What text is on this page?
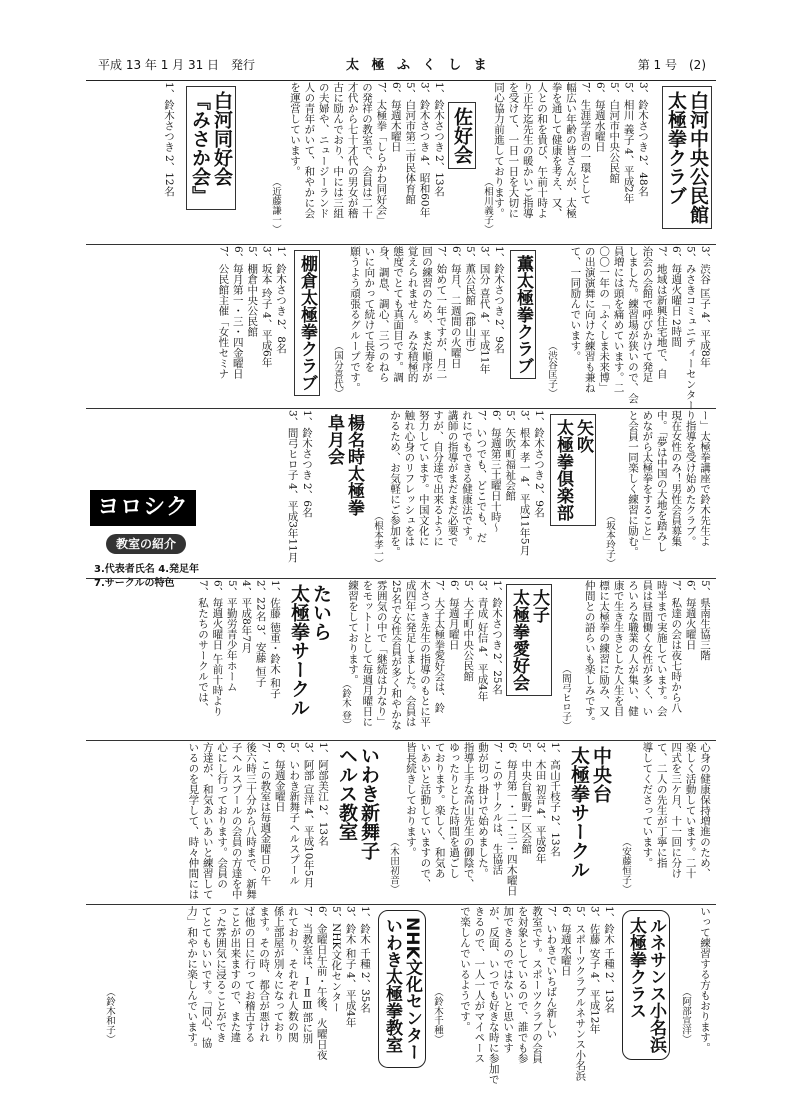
平成 13 年 1 月 31 日　発行	太 極 ふ く し ま	第 1 号　(2)
白河中央公民館
太極拳クラブ
3、鈴木さつき 2、48名
5、相川 義子 4、平成2年
5、白河市中央公民館
6、毎週水曜日
7、生涯学習の一環として
幅広い年齢の皆さんが、太極
拳を通して健康を考え、又、
人との和を貴び、午前十時よ
り正午迄先生の暖かいご指導
を受けて、一日一日を大切に
同心協力前進しております。
（相川義子）
佐好会
1、鈴木さつき 2、13名
3、鈴木さつき 4、昭和60年
5、白河市第二市民体育館
6、毎週木曜日
7、太極拳「しらかわ同好会」
の発祥の教室で、会員は二十
才代から七十才代の男女が稽
古に励んでおり、中には三組
の夫婦や、ニュージーランド
人の青年がいて、和やかに会
を運営しています。
（近藤謙一）
白河同好会
『みさか会』
1、鈴木さつき 2、12名
3、渋谷 匡子 4、平成8年
5、みさきコミュニティーセンター
6、毎週火曜日 2時間
7、地域は新興住宅地で、自
治会の会館で呼びかけて発足
しました。練習場が狭いので、会
員増には頭を痛めています。二
〇〇一年の「ふくしま未来博」
の出演演舞に向けた練習も兼ね
て、一同励んでいます。
（渋谷匡子）
薫太極拳クラブ
1、鈴木さつき 2、9名
3、国分 喜代 4、平成11年
5、薫公民館（郡山市）
6、毎月、二週間の火曜日
7、始めて一年ですが、月二
回の練習のため、まだ順序が
覚えられません。みな積極的
態度でとても真面目です。調
身、調息、調心、三つのねら
いに向かって続けて長寿を
願うよう頑張るグループです。
（国分喜代）
棚倉太極拳クラブ
1、鈴木さつき 2、8名
3、坂本 玲子 4、平成6年
5、棚倉中央公民館
6、毎月第一・三・四金曜日
7、公民館主催「女性セミナ
ー」太極拳講座で鈴木先生よ
り指導を受け始めたクラブ。
現在女性のみ！男性会員募集
中。「夢は中国の大地を踏みし
めながら太極拳をすること」
と会員一同楽しく練習に励む。
（坂本玲子）
矢吹
太極拳倶楽部
1、鈴木さつき 2、9名
3、根本 孝一 4、平成11年5月
5、矢吹町福祉会館
6、毎週第三土曜日十時～
7、いつでも、どこでも、だ
れにでもできる健康法です。
講師の指導がまだまだ必要で
すが、自分達で出来るように
努力しています。中国文化に
触れ心身のリフレッシュをは
かるため、お気軽にご参加を。
（根本孝一）
楊名時太極拳
阜月会
1、鈴木さつき 2、6名
3、間弓ヒロ子 4、平成3年11月
ヨロシク
教室の紹介
3.代表者氏名 4.発足年
7.サークルの特色	5、県南生協三階
6、毎週火曜日
7、私達の会は夜七時から八
時半まで実施しています。会
員は昼間働く女性が多く、い
ろいろな職業の人が集い、健
康で生き生きとした人生を目
標に太極拳の練習に励み、又
仲間との語らいも楽しみです。
（間弓ヒロ子）
大子
太極拳愛好会
1、鈴木さつき 2、25名
3、青成 好信 4、平成4年
5、大子町中央公民館
6、毎週月曜日
7、大子太極拳愛好会は、鈴
木さつき先生の指導のもとに平
成四年に発足しました。会員は
25名で女性会員が多く和やかな
雰囲気の中で「継続は力なり」
をモットーとして毎週月曜日に
練習をしております。
（鈴木 登）
たいら
太極拳サークル
1、佐藤 徳重・鈴木 和子
2、22名 3、安藤 恒子
4、平成8年7月
5、平勤労青少年ホーム
6、毎週火曜日 午前十時より
7、私たちのサークルでは、
心身の健康保持増進のため、
楽しく活動しています。二十
四式を三ケ月、十一回に分け
て、二人の先生が丁寧に指
導してくださっています。
（安藤恒子）
中央台
太極拳サークル
1、高山千枝子 2、13名
3、木田 初音 4、平成8年
5、中央台飯野一区会館
6、毎月第一・二・三・四木曜日
7、このサークルは、生協活
動が切っ掛けで始めました。
指導上手な高山先生の御陰で、
ゆったりとした時間を過ごし
ております。楽しく、和気あ
いあいと活動していますので、
皆長続きしております。
（木田初音）
いわき新舞子
ヘルス教室
1、阿部美江 2、13名
3、阿部 宣洋 4、平成10年5月
5、いわき新舞子ヘルスプール
6、毎週金曜日
7、この教室は毎週金曜日の午
後六時三十分から八時まで、新舞
子ヘルスプールの会員の方達を中
心にし行っております。会員の
方達が、和気あいあいと練習して
いるのを見学して、時々仲間には
いって練習する方もおります。
（阿部宣洋）
ルネサンス小名浜
太極拳クラス
1、鈴木 千種 2、13名
3、佐藤 安子 4、平成12年
5、スポーツクラブルネサンス小名浜
6、毎週水曜日
7、いわきでいちばん新しい
教室です。スポーツクラブの会員
を対象としているので、誰でも参
加できるのではないと思います
が、反面、いつでも好きな時に参加で
きるので、一人一人がマイペース
で楽しんでいるようです。
（鈴木千種）
NHK文化センター
いわき太極拳教室
1、鈴木 千種 2、35名
3、鈴木 和子 4、平成4年
5、NHK文化センター
6、金曜日午前・午後、火曜日夜
7、当教室は、ⅠⅡⅢ部に別
れており、それぞれ人数の関
係上部屋が別々になっており
ます。その時、都合が悪けれ
ば他の日に行ってお稽古する
ことが出来ますので、また違
った雰囲気に浸ることができ
てとてもいいです。「同心、協
力」和やかに楽しんでいます。
（鈴木和子）
